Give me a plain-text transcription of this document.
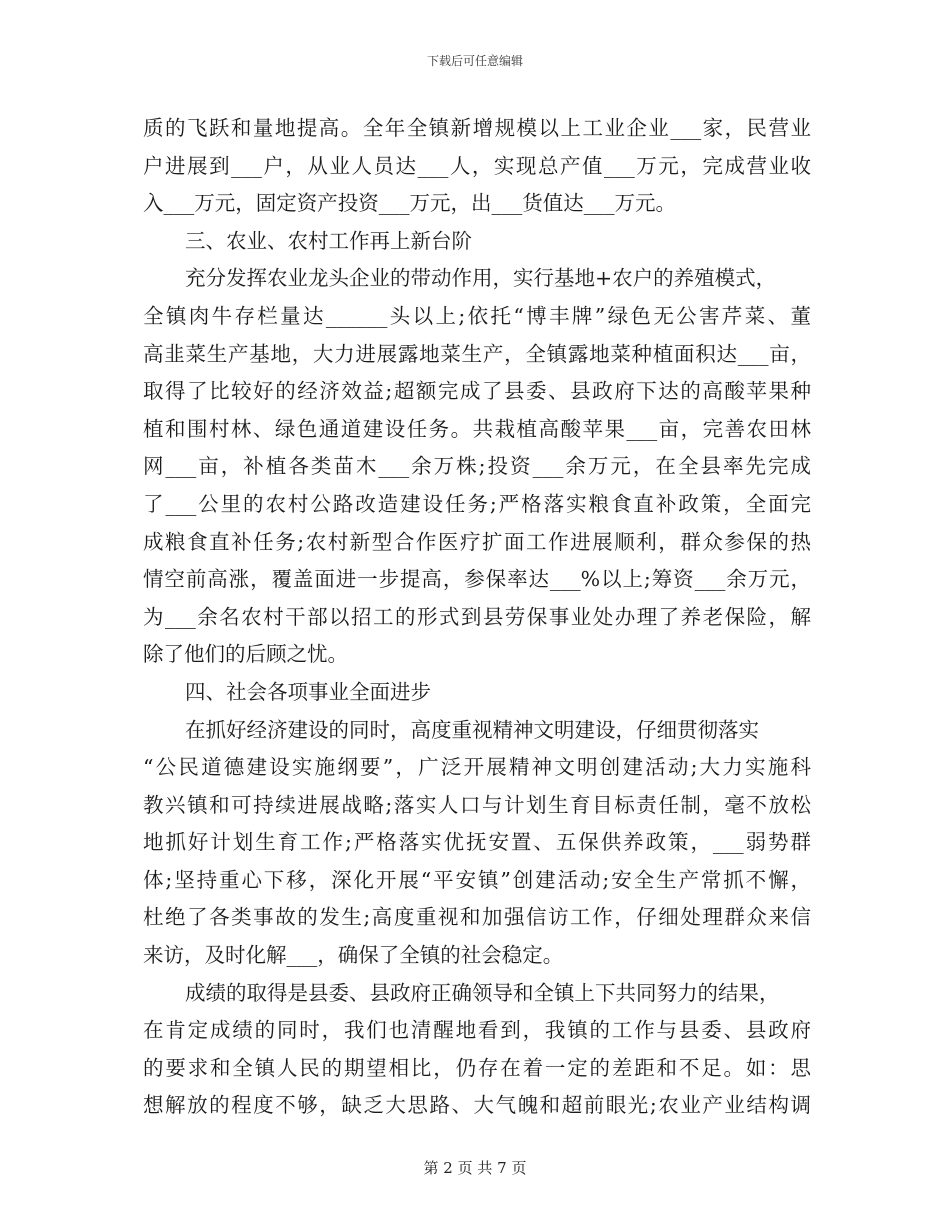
下载后可任意编辑
质的飞跃和量地提高。全年全镇新增规模以上工业企业___家，民营业
户进展到___户，从业人员达___人，实现总产值___万元，完成营业收
入___万元，固定资产投资___万元，出___货值达___万元。
三、农业、农村工作再上新台阶
充分发挥农业龙头企业的带动作用，实行基地+农户的养殖模式，
全镇肉牛存栏量达______头以上;依托“博丰牌”绿色无公害芹菜、董
高韭菜生产基地，大力进展露地菜生产，全镇露地菜种植面积达___亩，
取得了比较好的经济效益;超额完成了县委、县政府下达的高酸苹果种
植和围村林、绿色通道建设任务。共栽植高酸苹果___亩，完善农田林
网___亩，补植各类苗木___余万株;投资___余万元，在全县率先完成
了___公里的农村公路改造建设任务;严格落实粮食直补政策，全面完
成粮食直补任务;农村新型合作医疗扩面工作进展顺利，群众参保的热
情空前高涨，覆盖面进一步提高，参保率达___%以上;筹资___余万元，
为___余名农村干部以招工的形式到县劳保事业处办理了养老保险，解
除了他们的后顾之忧。
四、社会各项事业全面进步
在抓好经济建设的同时，高度重视精神文明建设，仔细贯彻落实
“公民道德建设实施纲要”，广泛开展精神文明创建活动;大力实施科
教兴镇和可持续进展战略;落实人口与计划生育目标责任制，毫不放松
地抓好计划生育工作;严格落实优抚安置、五保供养政策，___弱势群
体;坚持重心下移，深化开展“平安镇”创建活动;安全生产常抓不懈，
杜绝了各类事故的发生;高度重视和加强信访工作，仔细处理群众来信
来访，及时化解___，确保了全镇的社会稳定。
成绩的取得是县委、县政府正确领导和全镇上下共同努力的结果，
在肯定成绩的同时，我们也清醒地看到，我镇的工作与县委、县政府
的要求和全镇人民的期望相比，仍存在着一定的差距和不足。如：思
想解放的程度不够，缺乏大思路、大气魄和超前眼光;农业产业结构调
第 2 页 共 7 页
